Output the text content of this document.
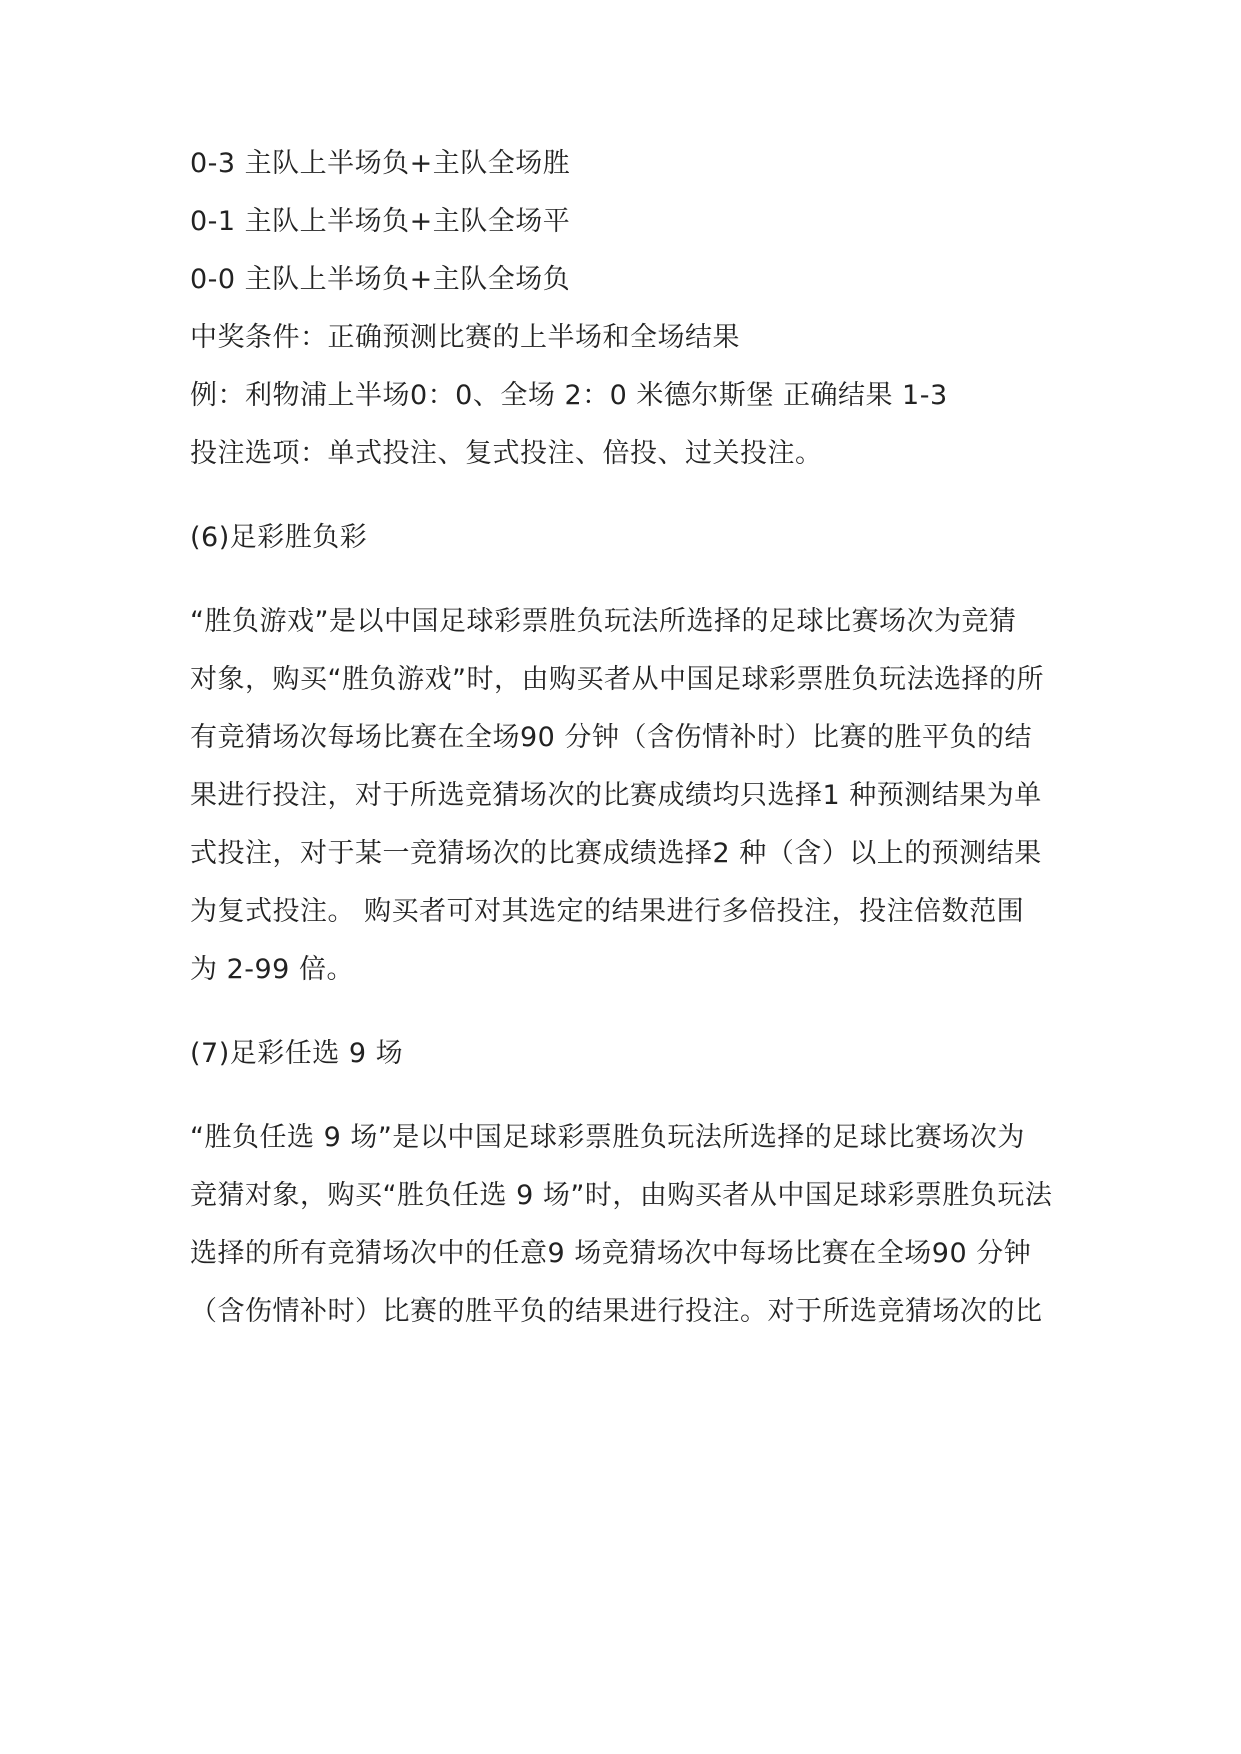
0-3 主队上半场负+主队全场胜
0-1 主队上半场负+主队全场平
0-0 主队上半场负+主队全场负
中奖条件：正确预测比赛的上半场和全场结果
例：利物浦上半场0：0、全场 2：0 米德尔斯堡 正确结果 1-3
投注选项：单式投注、复式投注、倍投、过关投注。
(6)足彩胜负彩
“胜负游戏”是以中国足球彩票胜负玩法所选择的足球比赛场次为竞猜
对象，购买“胜负游戏”时，由购买者从中国足球彩票胜负玩法选择的所
有竞猜场次每场比赛在全场90 分钟（含伤情补时）比赛的胜平负的结
果进行投注，对于所选竞猜场次的比赛成绩均只选择1 种预测结果为单
式投注，对于某一竞猜场次的比赛成绩选择2 种（含）以上的预测结果
为复式投注。 购买者可对其选定的结果进行多倍投注，投注倍数范围
为 2-99 倍。
(7)足彩任选 9 场
“胜负任选 9 场”是以中国足球彩票胜负玩法所选择的足球比赛场次为
竞猜对象，购买“胜负任选 9 场”时，由购买者从中国足球彩票胜负玩法
选择的所有竞猜场次中的任意9 场竞猜场次中每场比赛在全场90 分钟
（含伤情补时）比赛的胜平负的结果进行投注。对于所选竞猜场次的比
